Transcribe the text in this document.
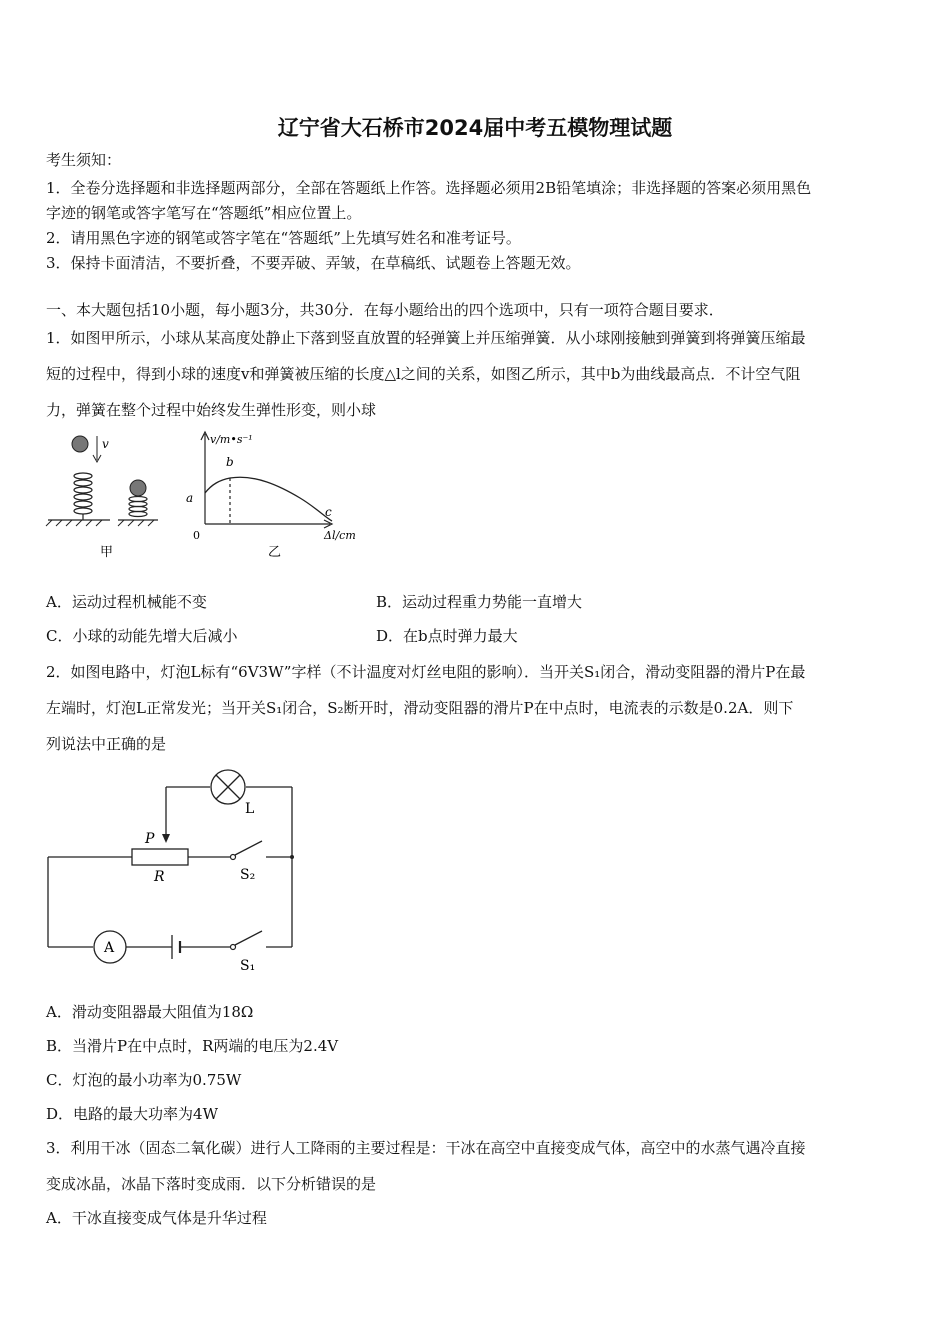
辽宁省大石桥市2024届中考五模物理试题
考生须知：
1．全卷分选择题和非选择题两部分，全部在答题纸上作答。选择题必须用2B铅笔填涂；非选择题的答案必须用黑色
字迹的钢笔或答字笔写在“答题纸”相应位置上。
2．请用黑色字迹的钢笔或答字笔在“答题纸”上先填写姓名和准考证号。
3．保持卡面清洁，不要折叠，不要弄破、弄皱，在草稿纸、试题卷上答题无效。
一、本大题包括10小题，每小题3分，共30分．在每小题给出的四个选项中，只有一项符合题目要求．
1．如图甲所示，小球从某高度处静止下落到竖直放置的轻弹簧上并压缩弹簧．从小球刚接触到弹簧到将弹簧压缩最
短的过程中，得到小球的速度v和弹簧被压缩的长度△l之间的关系，如图乙所示，其中b为曲线最高点．不计空气阻
力，弹簧在整个过程中始终发生弹性形变，则小球
v
甲
v/m•s⁻¹
Δl/cm
0
a
b
c
乙
A．运动过程机械能不变	B．运动过程重力势能一直增大
C．小球的动能先增大后减小	D．在b点时弹力最大
2．如图电路中，灯泡L标有“6V3W”字样（不计温度对灯丝电阻的影响）．当开关S₁闭合，滑动变阻器的滑片P在最
左端时，灯泡L正常发光；当开关S₁闭合，S₂断开时，滑动变阻器的滑片P在中点时，电流表的示数是0.2A．则下
列说法中正确的是
L
P
R	S₂
A
S₁
A．滑动变阻器最大阻值为18Ω
B．当滑片P在中点时，R两端的电压为2.4V
C．灯泡的最小功率为0.75W
D．电路的最大功率为4W
3．利用干冰（固态二氧化碳）进行人工降雨的主要过程是：干冰在高空中直接变成气体，高空中的水蒸气遇冷直接
变成冰晶，冰晶下落时变成雨．以下分析错误的是
A．干冰直接变成气体是升华过程
